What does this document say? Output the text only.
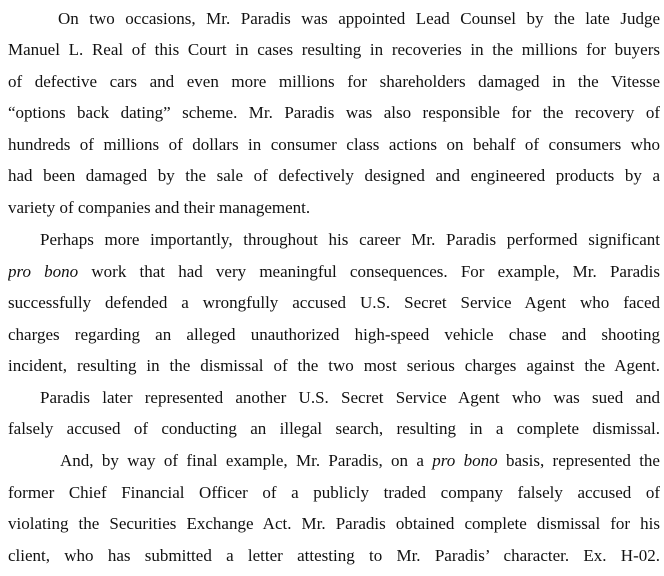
On two occasions, Mr. Paradis was appointed Lead Counsel by the late Judge
Manuel L. Real of this Court in cases resulting in recoveries in the millions for buyers
of defective cars and even more millions for shareholders damaged in the Vitesse
“options back dating” scheme. Mr. Paradis was also responsible for the recovery of
hundreds of millions of dollars in consumer class actions on behalf of consumers who
had been damaged by the sale of defectively designed and engineered products by a
variety of companies and their management.
Perhaps more importantly, throughout his career Mr. Paradis performed significant
pro bono work that had very meaningful consequences. For example, Mr. Paradis
successfully defended a wrongfully accused U.S. Secret Service Agent who faced
charges regarding an alleged unauthorized high-speed vehicle chase and shooting
incident, resulting in the dismissal of the two most serious charges against the Agent.
Paradis later represented another U.S. Secret Service Agent who was sued and
falsely accused of conducting an illegal search, resulting in a complete dismissal.
And, by way of final example, Mr. Paradis, on a pro bono basis, represented the
former Chief Financial Officer of a publicly traded company falsely accused of
violating the Securities Exchange Act. Mr. Paradis obtained complete dismissal for his
client, who has submitted a letter attesting to Mr. Paradis’ character. Ex. H-02.
